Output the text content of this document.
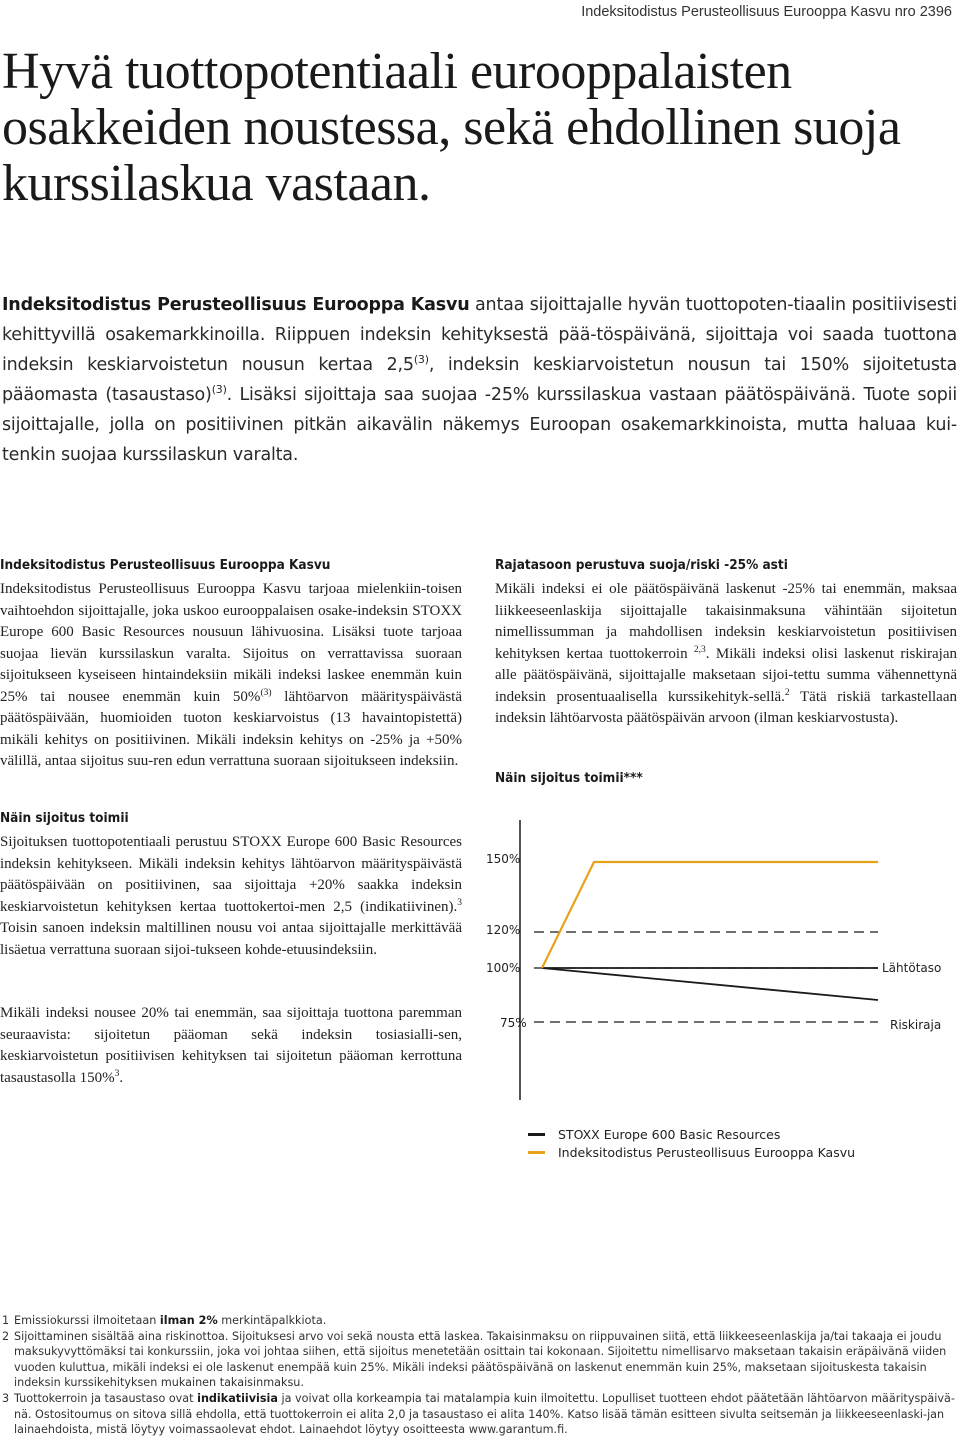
Indeksitodistus Perusteollisuus Eurooppa Kasvu nro 2396
Hyvä tuottopotentiaali eurooppalaisten osakkeiden noustessa, sekä ehdollinen suoja kurssilaskua vastaan.

Indeksitodistus Perusteollisuus Eurooppa Kasvu antaa sijoittajalle hyvän tuottopoten-tiaalin positiivisesti kehittyvillä osakemarkkinoilla. Riippuen indeksin kehityksestä pää-töspäivänä, sijoittaja voi saada tuottona indeksin keskiarvoistetun nousun kertaa 2,5$^{(3)}$, indeksin keskiarvoistetun nousun tai 150% sijoitetusta pääomasta (tasaustaso)$^{(3)}$. Lisäksi sijoittaja saa suojaa -25% kurssilaskua vastaan päätöspäivänä. Tuote sopii sijoittajalle, jolla on positiivinen pitkän aikavälin näkemys Euroopan osakemarkkinoista, mutta haluaa kui-tenkin suojaa kurssilaskun varalta.

Indeksitodistus Perusteollisuus Eurooppa Kasvu

Indeksitodistus Perusteollisuus Eurooppa Kasvu tarjoaa mielenkiin-toisen vaihtoehdon sijoittajalle, joka uskoo eurooppalaisen osake-indeksin STOXX Europe 600 Basic Resources nousuun lähivuosina. Lisäksi tuote tarjoaa suojaa lievän kurssilaskun varalta. Sijoitus on verrattavissa suoraan sijoitukseen kyseiseen hintaindeksiin mikäli indeksi laskee enemmän kuin 25% tai nousee enemmän kuin 50%$^{(3)}$ lähtöarvon määrityspäivästä päätöspäivään, huomioiden tuoton keskiarvoistus (13 havaintopistettä) mikäli kehitys on positiivinen. Mikäli indeksin kehitys on -25% ja +50% välillä, antaa sijoitus suu-ren edun verrattuna suoraan sijoitukseen indeksiin.

Näin sijoitus toimii

Sijoituksen tuottopotentiaali perustuu STOXX Europe 600 Basic Resources indeksin kehitykseen. Mikäli indeksin kehitys lähtöarvon määrityspäivästä päätöspäivään on positiivinen, saa sijoittaja +20% saakka indeksin keskiarvoistetun kehityksen kertaa tuottokertoi-men 2,5 (indikatiivinen).$^3$ Toisin sanoen indeksin maltillinen nousu voi antaa sijoittajalle merkittävää lisäetua verrattuna suoraan sijoi-tukseen kohde-etuusindeksiin.

Mikäli indeksi nousee 20% tai enemmän, saa sijoittaja tuottona paremman seuraavista: sijoitetun pääoman sekä indeksin tosiasialli-sen, keskiarvoistetun positiivisen kehityksen tai sijoitetun pääoman kerrottuna tasaustasolla 150%$^3$.

Rajatasoon perustuva suoja/riski -25% asti

Mikäli indeksi ei ole päätöspäivänä laskenut -25% tai enemmän, maksaa liikkeeseenlaskija sijoittajalle takaisinmaksuna vähintään sijoitetun nimellissumman ja mahdollisen indeksin keskiarvoistetun positiivisen kehityksen kertaa tuottokerroin $^{2,3}$. Mikäli indeksi olisi laskenut riskirajan alle päätöspäivänä, sijoittajalle maksetaan sijoi-tettu summa vähennettynä indeksin prosentuaalisella kurssikehityk-sellä.$^2$ Tätä riskiä tarkastellaan indeksin lähtöarvosta päätöspäivän arvoon (ilman keskiarvostusta).

Näin sijoitus toimii***
150%
120%
100%
75%
Lähtötaso
Riskiraja
STOXX Europe 600 Basic Resources
Indeksitodistus Perusteollisuus Eurooppa Kasvu
1 Emissiokurssi ilmoitetaan ilman 2% merkintäpalkkiota.
2 Sijoittaminen sisältää aina riskinottoa. Sijoituksesi arvo voi sekä nousta että laskea. Takaisinmaksu on riippuvainen siitä, että liikkeeseenlaskija ja/tai takaaja ei joudu maksukyvyttömäksi tai konkurssiin, joka voi johtaa siihen, että sijoitus menetetään osittain tai kokonaan. Sijoitettu nimellisarvo maksetaan takaisin eräpäivänä viiden vuoden kuluttua, mikäli indeksi ei ole laskenut enempää kuin 25%. Mikäli indeksi päätöspäivänä on laskenut enemmän kuin 25%, maksetaan sijoituskesta takaisin indeksin kurssikehityksen mukainen takaisinmaksu.
3 Tuottokerroin ja tasaustaso ovat indikatiivisia ja voivat olla korkeampia tai matalampia kuin ilmoitettu. Lopulliset tuotteen ehdot päätetään lähtöarvon määrityspäivä-nä. Ostositoumus on sitova sillä ehdolla, että tuottokerroin ei alita 2,0 ja tasaustaso ei alita 140%. Katso lisää tämän esitteen sivulta seitsemän ja liikkeeseenlaski-jan lainaehdoista, mistä löytyy voimassaolevat ehdot. Lainaehdot löytyy osoitteesta www.garantum.fi.
